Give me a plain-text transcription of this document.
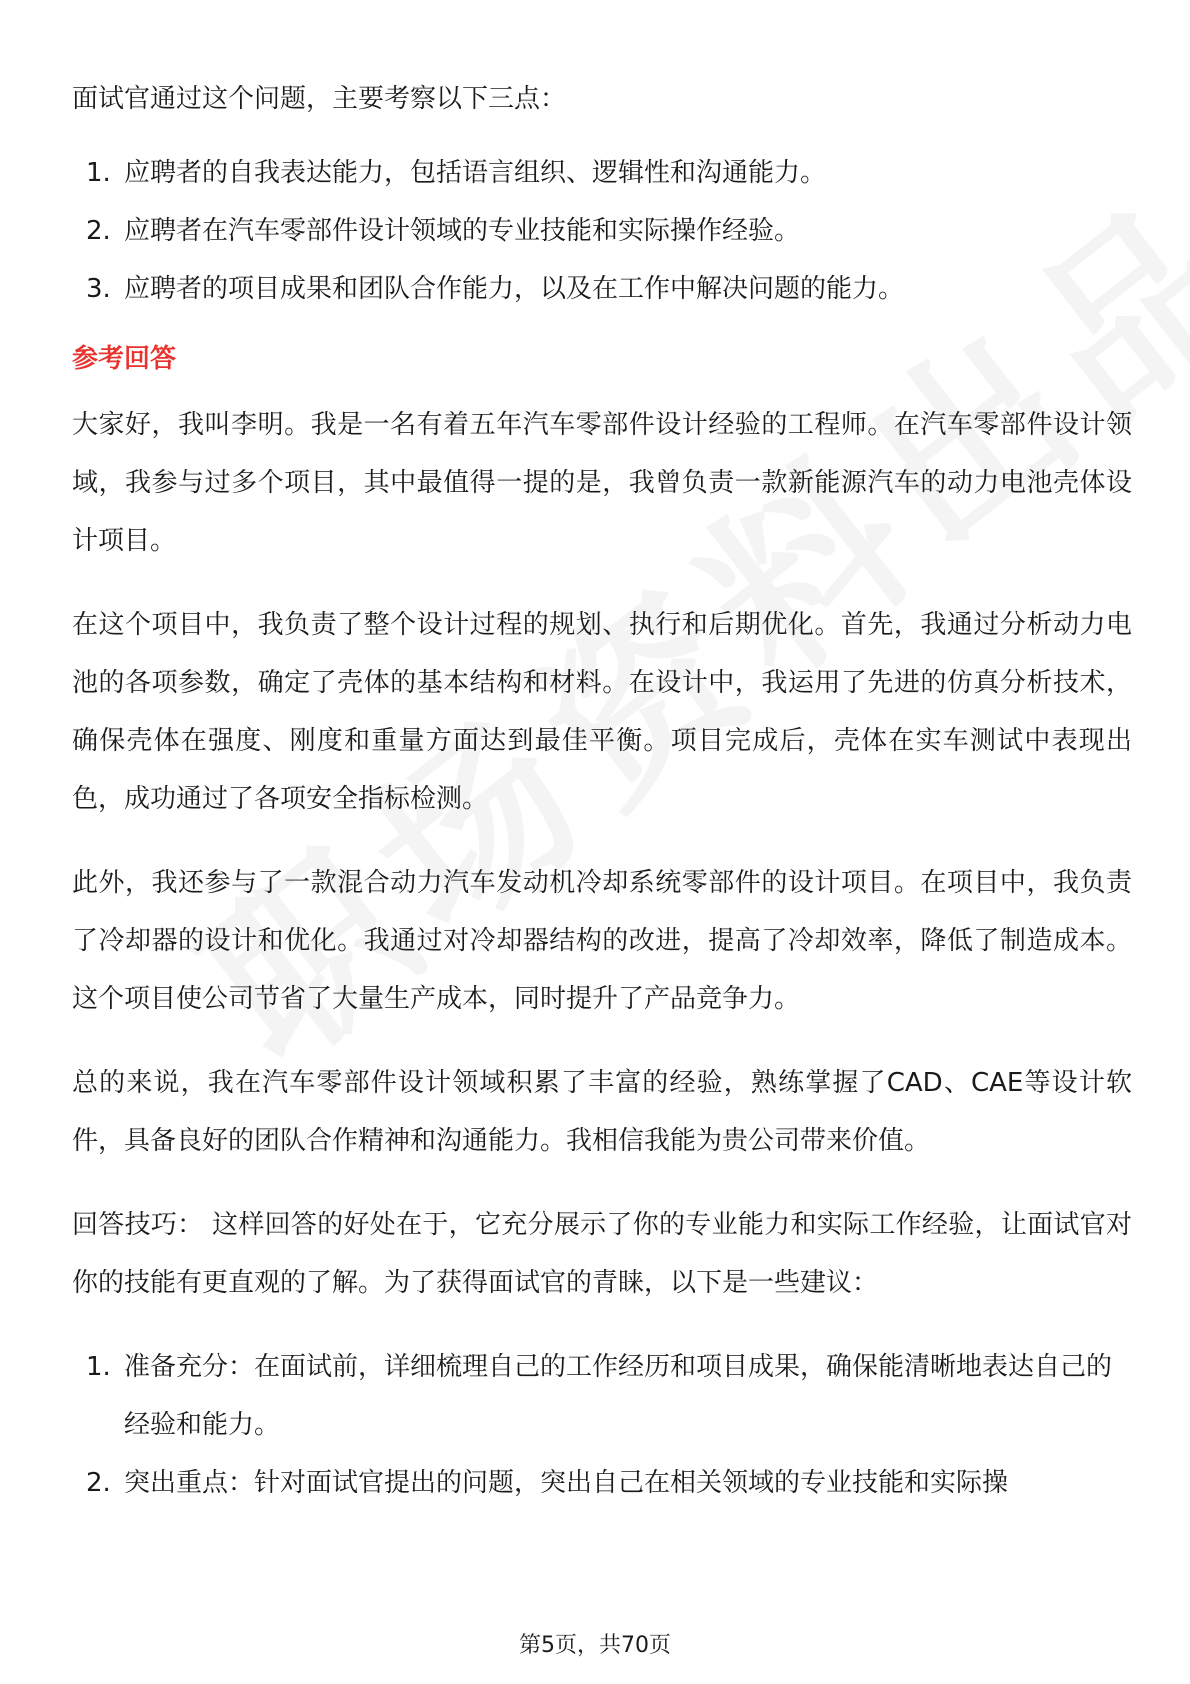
面试官通过这个问题，主要考察以下三点：

1. 应聘者的自我表达能力，包括语言组织、逻辑性和沟通能力。
2. 应聘者在汽车零部件设计领域的专业技能和实际操作经验。
3. 应聘者的项目成果和团队合作能力，以及在工作中解决问题的能力。
参考回答

大家好，我叫李明。我是一名有着五年汽车零部件设计经验的工程师。在汽车零部件设计领域，我参与过多个项目，其中最值得一提的是，我曾负责一款新能源汽车的动力电池壳体设计项目。

在这个项目中，我负责了整个设计过程的规划、执行和后期优化。首先，我通过分析动力电池的各项参数，确定了壳体的基本结构和材料。在设计中，我运用了先进的仿真分析技术，确保壳体在强度、刚度和重量方面达到最佳平衡。项目完成后，壳体在实车测试中表现出色，成功通过了各项安全指标检测。

此外，我还参与了一款混合动力汽车发动机冷却系统零部件的设计项目。在项目中，我负责了冷却器的设计和优化。我通过对冷却器结构的改进，提高了冷却效率，降低了制造成本。这个项目使公司节省了大量生产成本，同时提升了产品竞争力。

总的来说，我在汽车零部件设计领域积累了丰富的经验，熟练掌握了CAD、CAE等设计软件，具备良好的团队合作精神和沟通能力。我相信我能为贵公司带来价值。

回答技巧： 这样回答的好处在于，它充分展示了你的专业能力和实际工作经验，让面试官对你的技能有更直观的了解。为了获得面试官的青睐，以下是一些建议：

1. 准备充分：在面试前，详细梳理自己的工作经历和项目成果，确保能清晰地表达自己的经验和能力。
2. 突出重点：针对面试官提出的问题，突出自己在相关领域的专业技能和实际操
第5页，共70页
